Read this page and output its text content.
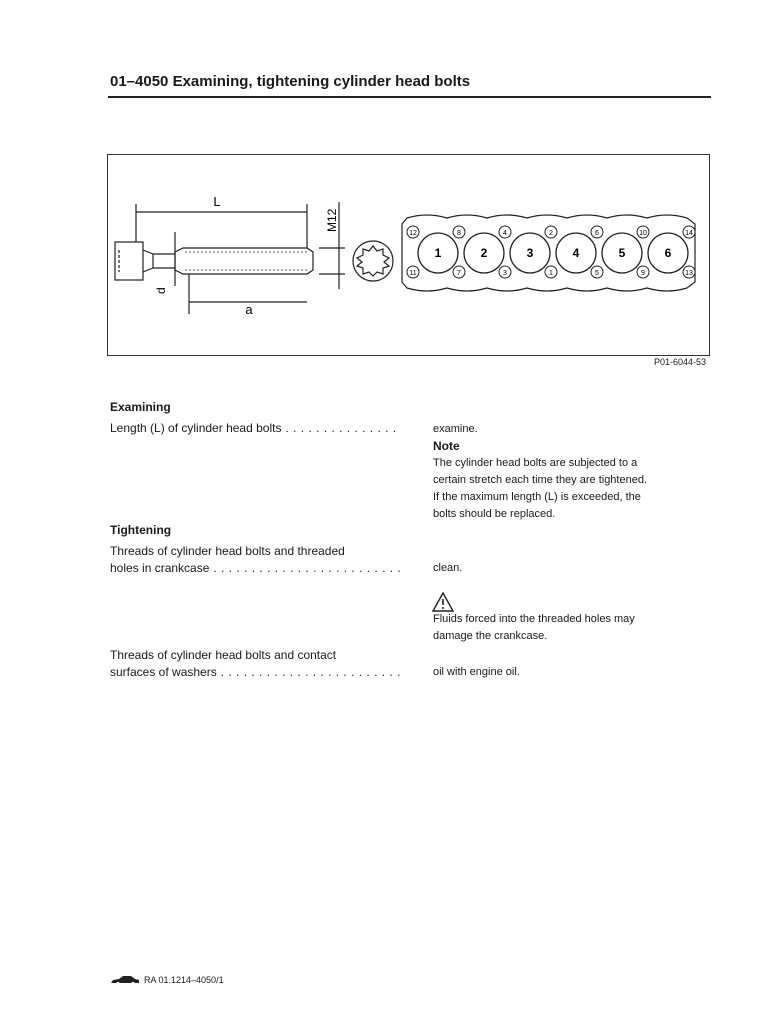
01–4050 Examining, tightening cylinder head bolts
L
a
d
M12
1	2	3	4	5	6
12	8	4	2	6	10	14
11	7	3	1	5	9	13
P01-6044-53
Examining
Length (L) of cylinder head bolts . . .	examine.
Note
The cylinder head bolts are subjected to a
certain stretch each time they are tightened.
If the maximum length (L) is exceeded, the
bolts should be replaced.
Tightening
Threads of cylinder head bolts and threaded
holes in crankcase . . .	clean.
Fluids forced into the threaded holes may
damage the crankcase.
Threads of cylinder head bolts and contact
surfaces of washers . . .	oil with engine oil.
RA 01.1214–4050/1
